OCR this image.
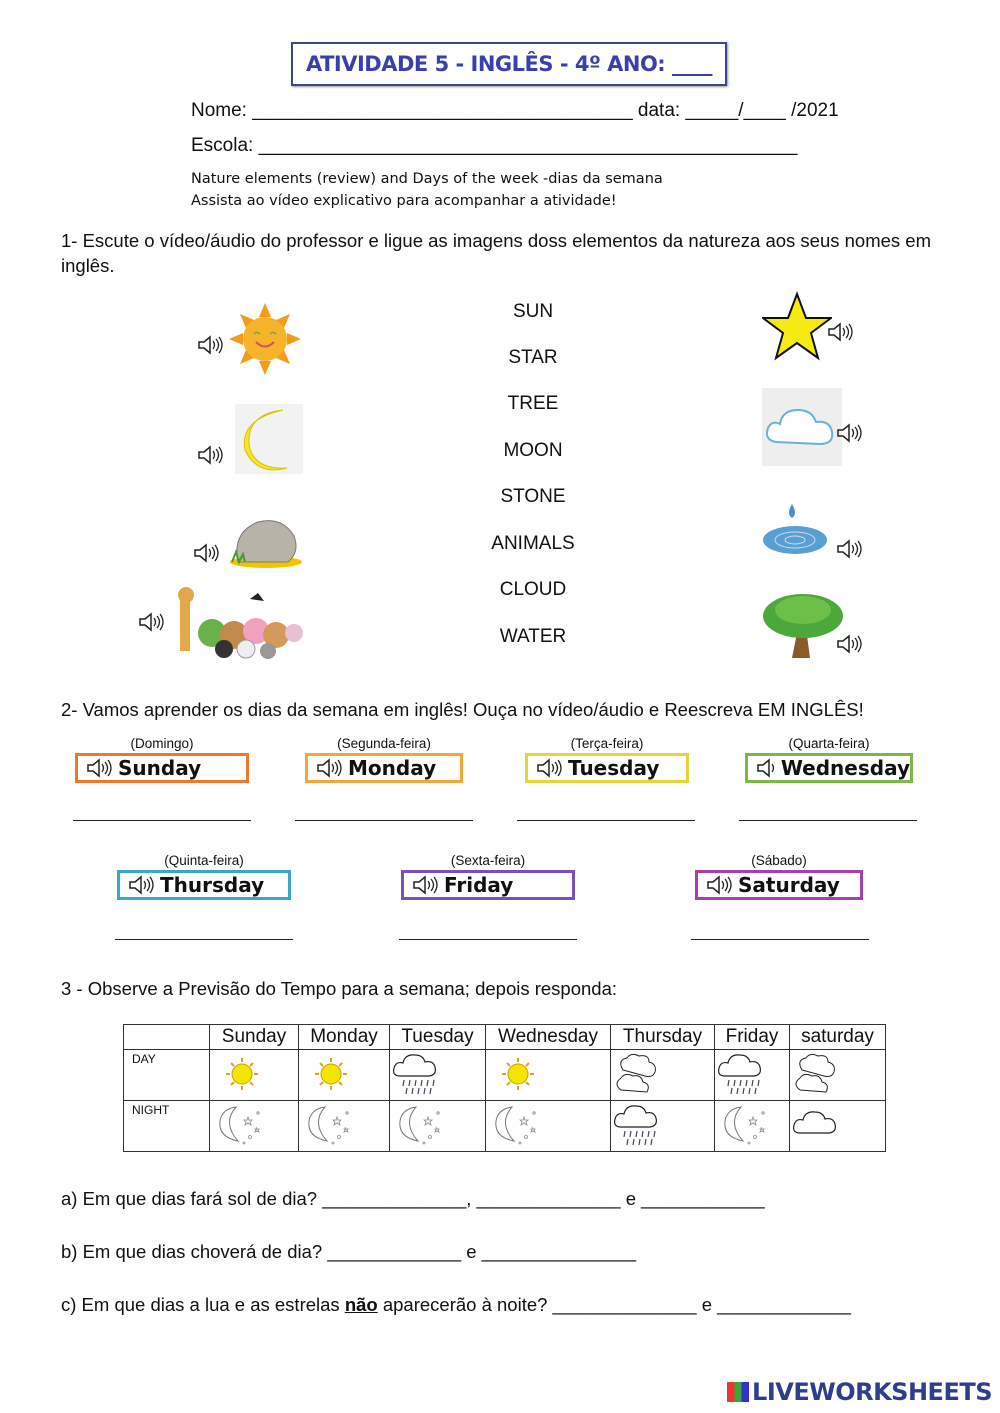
ATIVIDADE 5 - INGLÊS - 4º ANO: ____
Nome: ____________________________________ data: _____/____ /2021
Escola: ___________________________________________________
Nature elements (review) and Days of the week -dias da semana
Assista ao vídeo explicativo para acompanhar a atividade!
1- Escute o vídeo/áudio do professor e ligue as imagens doss elementos da natureza aos seus nomes em inglês.
SUN
STAR
TREE
MOON
STONE
ANIMALS
CLOUD
WATER
2- Vamos aprender os dias da semana em inglês! Ouça no vídeo/áudio e Reescreva EM INGLÊS!
(Domingo)
Sunday
(Segunda-feira)
Monday
(Terça-feira)
Tuesday
(Quarta-feira)
Wednesday
(Quinta-feira)
Thursday
(Sexta-feira)
Friday
(Sábado)
Saturday
3 - Observe a Previsão do Tempo para a semana; depois responda:
	Sunday	Monday	Tuesday	Wednesday	Thursday	Friday	saturday
DAY	

NIGHT	

a) Em que dias fará sol de dia? ______________, ______________ e ____________
b) Em que dias choverá de dia? _____________ e _______________
c) Em que dias a lua e as estrelas não aparecerão à noite? ______________ e _____________
LIVEWORKSHEETS
